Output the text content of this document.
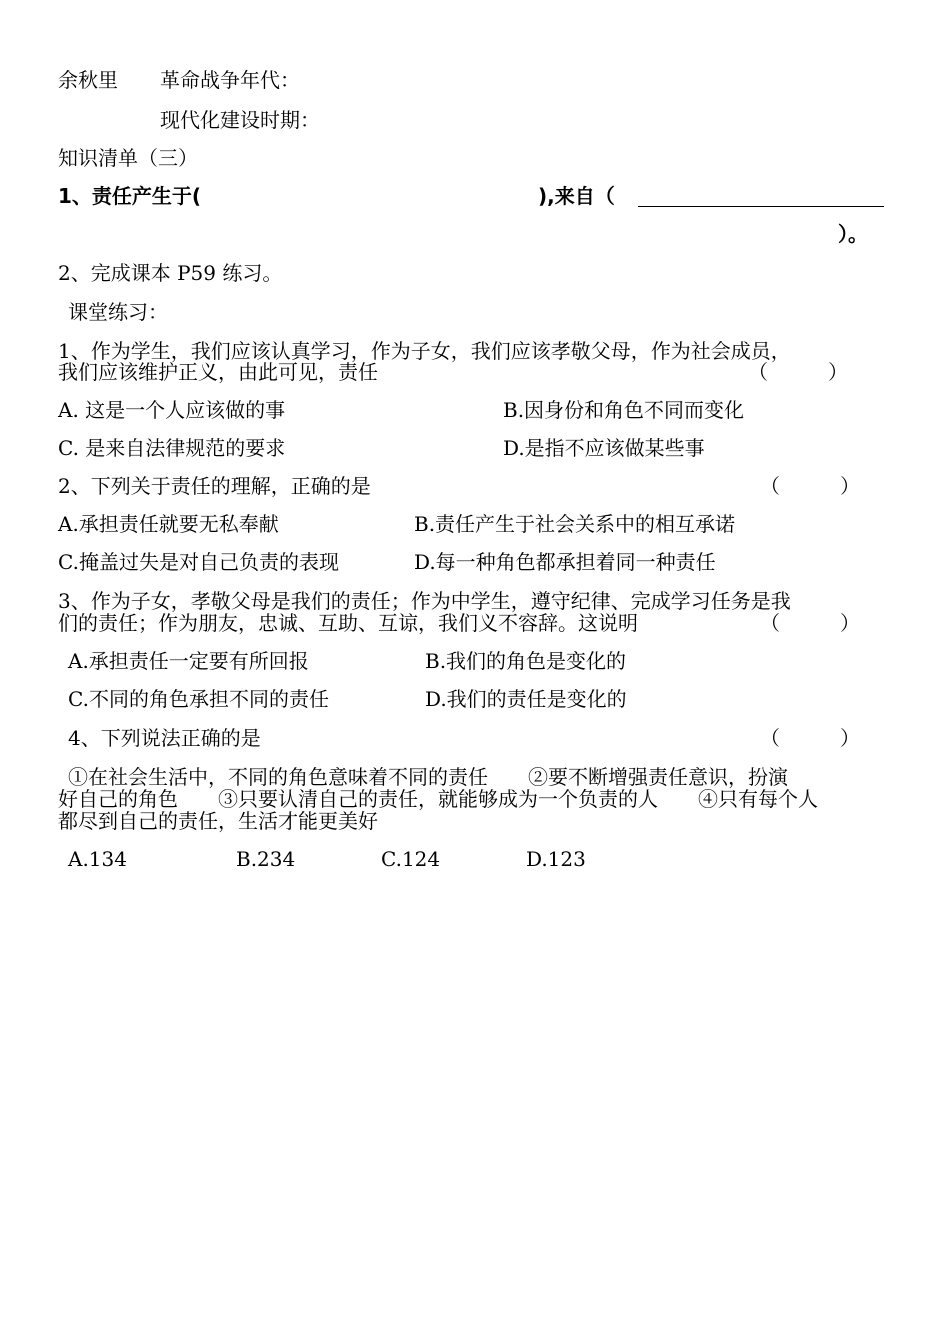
余秋里 革命战争年代：
现代化建设时期：
知识清单（三）
1、责任产生于(	),来自（
）。
2、完成课本 P59 练习。
课堂练习：
1、作为学生，我们应该认真学习，作为子女，我们应该孝敬父母，作为社会成员，
我们应该维护正义，由此可见，责任	（　　　）
A. 这是一个人应该做的事	B.因身份和角色不同而变化
C. 是来自法律规范的要求	D.是指不应该做某些事
2、下列关于责任的理解，正确的是	（　　　）
A.承担责任就要无私奉献	B.责任产生于社会关系中的相互承诺
C.掩盖过失是对自己负责的表现	D.每一种角色都承担着同一种责任
3、作为子女，孝敬父母是我们的责任；作为中学生，遵守纪律、完成学习任务是我
们的责任；作为朋友，忠诚、互助、互谅，我们义不容辞。这说明	（　　　）
A.承担责任一定要有所回报	B.我们的角色是变化的
C.不同的角色承担不同的责任	D.我们的责任是变化的
4、下列说法正确的是	（　　　）
①在社会生活中，不同的角色意味着不同的责任　　②要不断增强责任意识，扮演
好自己的角色　　③只要认清自己的责任，就能够成为一个负责的人　　④只有每个人
都尽到自己的责任，生活才能更美好
A.134	B.234	C.124	D.123
